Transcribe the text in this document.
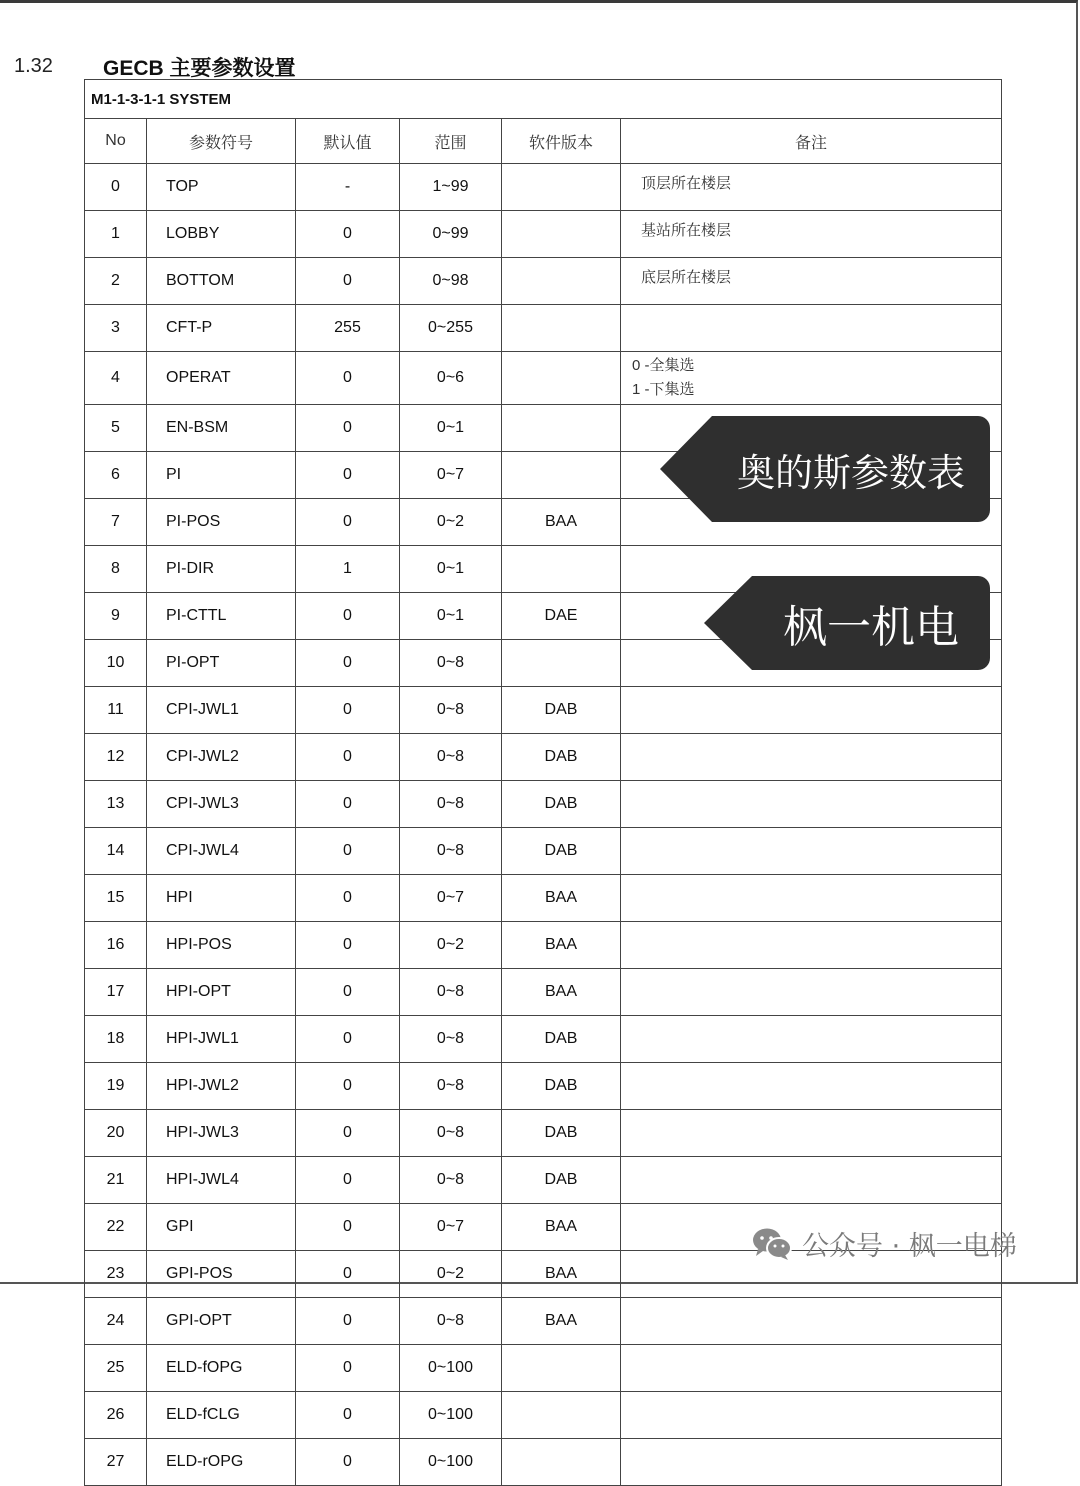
1.32 GECB 主要参数设置
M1-1-3-1-1 SYSTEM					
No	参数符号	默认值	范围	软件版本	备注
0	TOP	-	1~99		顶层所在楼层

1	LOBBY	0	0~99		基站所在楼层

2	BOTTOM	0	0~98		底层所在楼层

3	CFT-P	255	0~255		

4	OPERAT	0	0~6		0 -全集选
1 -下集选

5	EN-BSM	0	0~1		

6	PI	0	0~7		

7	PI-POS	0	0~2	BAA	

8	PI-DIR	1	0~1		

9	PI-CTTL	0	0~1	DAE	

10	PI-OPT	0	0~8		

11	CPI-JWL1	0	0~8	DAB	

12	CPI-JWL2	0	0~8	DAB	

13	CPI-JWL3	0	0~8	DAB	

14	CPI-JWL4	0	0~8	DAB	

15	HPI	0	0~7	BAA	

16	HPI-POS	0	0~2	BAA	

17	HPI-OPT	0	0~8	BAA	

18	HPI-JWL1	0	0~8	DAB	

19	HPI-JWL2	0	0~8	DAB	

20	HPI-JWL3	0	0~8	DAB	

21	HPI-JWL4	0	0~8	DAB	

22	GPI	0	0~7	BAA	

23	GPI-POS	0	0~2	BAA	

24	GPI-OPT	0	0~8	BAA	

25	ELD-fOPG	0	0~100		

26	ELD-fCLG	0	0~100		

27	ELD-rOPG	0	0~100		
奥的斯参数表
枫一机电
公众号 · 枫一电梯
